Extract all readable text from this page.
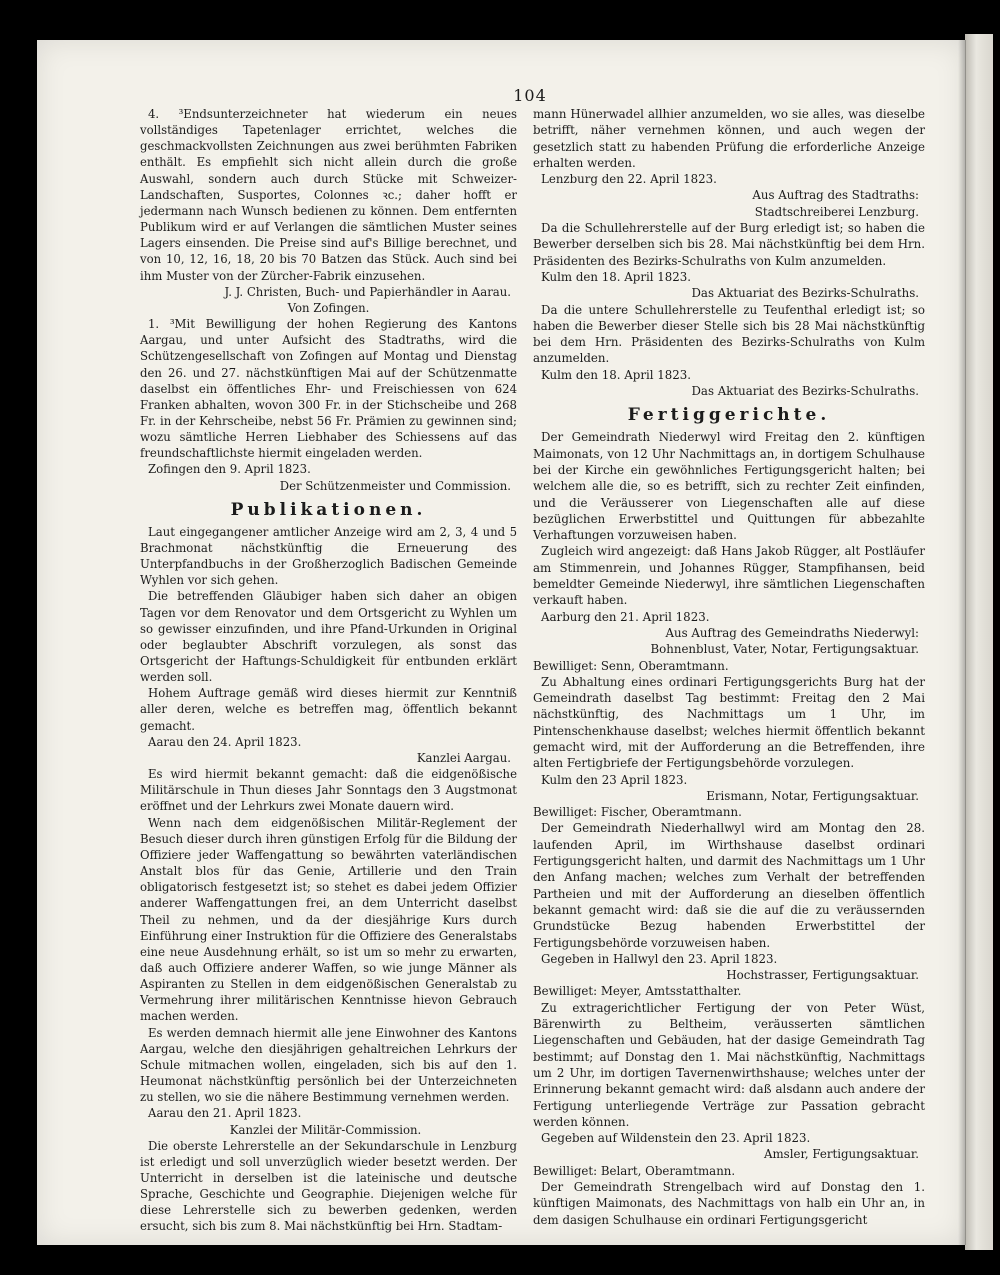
104

4. ³Endsunterzeichneter hat wiederum ein neues vollständiges Tapetenlager errichtet, welches die geschmackvollsten Zeichnungen aus zwei berühmten Fabriken enthält. Es empfiehlt sich nicht allein durch die große Auswahl, sondern auch durch Stücke mit Schweizer-Landschaften, Susportes, Colonnes ꝛc.; daher hofft er jedermann nach Wunsch bedienen zu können. Dem entfernten Publikum wird er auf Verlangen die sämtlichen Muster seines Lagers einsenden. Die Preise sind auf's Billige berechnet, und von 10, 12, 16, 18, 20 bis 70 Batzen das Stück. Auch sind bei ihm Muster von der Zürcher-Fabrik einzusehen.

J. J. Christen, Buch- und Papierhändler in Aarau.

Von Zofingen.

1. ³Mit Bewilligung der hohen Regierung des Kantons Aargau, und unter Aufsicht des Stadtraths, wird die Schützengesellschaft von Zofingen auf Montag und Dienstag den 26. und 27. nächstkünftigen Mai auf der Schützenmatte daselbst ein öffentliches Ehr- und Freischiessen von 624 Franken abhalten, wovon 300 Fr. in der Stichscheibe und 268 Fr. in der Kehrscheibe, nebst 56 Fr. Prämien zu gewinnen sind; wozu sämtliche Herren Liebhaber des Schiessens auf das freundschaftlichste hiermit eingeladen werden.

Zofingen den 9. April 1823.

Der Schützenmeister und Commission.

Publikationen.

Laut eingegangener amtlicher Anzeige wird am 2, 3, 4 und 5 Brachmonat nächstkünftig die Erneuerung des Unterpfandbuchs in der Großherzoglich Badischen Gemeinde Wyhlen vor sich gehen.

Die betreffenden Gläubiger haben sich daher an obigen Tagen vor dem Renovator und dem Ortsgericht zu Wyhlen um so gewisser einzufinden, und ihre Pfand-Urkunden in Original oder beglaubter Abschrift vorzulegen, als sonst das Ortsgericht der Haftungs-Schuldigkeit für entbunden erklärt werden soll.

Hohem Auftrage gemäß wird dieses hiermit zur Kenntniß aller deren, welche es betreffen mag, öffentlich bekannt gemacht.

Aarau den 24. April 1823.

Kanzlei Aargau.

Es wird hiermit bekannt gemacht: daß die eidgenößische Militärschule in Thun dieses Jahr Sonntags den 3 Augstmonat eröffnet und der Lehrkurs zwei Monate dauern wird.

Wenn nach dem eidgenößischen Militär-Reglement der Besuch dieser durch ihren günstigen Erfolg für die Bildung der Offiziere jeder Waffengattung so bewährten vaterländischen Anstalt blos für das Genie, Artillerie und den Train obligatorisch festgesetzt ist; so stehet es dabei jedem Offizier anderer Waffengattungen frei, an dem Unterricht daselbst Theil zu nehmen, und da der diesjährige Kurs durch Einführung einer Instruktion für die Offiziere des Generalstabs eine neue Ausdehnung erhält, so ist um so mehr zu erwarten, daß auch Offiziere anderer Waffen, so wie junge Männer als Aspiranten zu Stellen in dem eidgenößischen Generalstab zu Vermehrung ihrer militärischen Kenntnisse hievon Gebrauch machen werden.

Es werden demnach hiermit alle jene Einwohner des Kantons Aargau, welche den diesjährigen gehaltreichen Lehrkurs der Schule mitmachen wollen, eingeladen, sich bis auf den 1. Heumonat nächstkünftig persönlich bei der Unterzeichneten zu stellen, wo sie die nähere Bestimmung vernehmen werden.

Aarau den 21. April 1823.

Kanzlei der Militär-Commission.

Die oberste Lehrerstelle an der Sekundarschule in Lenzburg ist erledigt und soll unverzüglich wieder besetzt werden. Der Unterricht in derselben ist die lateinische und deutsche Sprache, Geschichte und Geographie. Diejenigen welche für diese Lehrerstelle sich zu bewerben gedenken, werden ersucht, sich bis zum 8. Mai nächstkünftig bei Hrn. Stadtam-

mann Hünerwadel allhier anzumelden, wo sie alles, was dieselbe betrifft, näher vernehmen können, und auch wegen der gesetzlich statt zu habenden Prüfung die erforderliche Anzeige erhalten werden.

Lenzburg den 22. April 1823.

Aus Auftrag des Stadtraths:

Stadtschreiberei Lenzburg.

Da die Schullehrerstelle auf der Burg erledigt ist; so haben die Bewerber derselben sich bis 28. Mai nächstkünftig bei dem Hrn. Präsidenten des Bezirks-Schulraths von Kulm anzumelden.

Kulm den 18. April 1823.

Das Aktuariat des Bezirks-Schulraths.

Da die untere Schullehrerstelle zu Teufenthal erledigt ist; so haben die Bewerber dieser Stelle sich bis 28 Mai nächstkünftig bei dem Hrn. Präsidenten des Bezirks-Schulraths von Kulm anzumelden.

Kulm den 18. April 1823.

Das Aktuariat des Bezirks-Schulraths.

Fertiggerichte.

Der Gemeindrath Niederwyl wird Freitag den 2. künftigen Maimonats, von 12 Uhr Nachmittags an, in dortigem Schulhause bei der Kirche ein gewöhnliches Fertigungsgericht halten; bei welchem alle die, so es betrifft, sich zu rechter Zeit einfinden, und die Veräusserer von Liegenschaften alle auf diese bezüglichen Erwerbstittel und Quittungen für abbezahlte Verhaftungen vorzuweisen haben.

Zugleich wird angezeigt: daß Hans Jakob Rügger, alt Postläufer am Stimmenrein, und Johannes Rügger, Stampfihansen, beid bemeldter Gemeinde Niederwyl, ihre sämtlichen Liegenschaften verkauft haben.

Aarburg den 21. April 1823.

Aus Auftrag des Gemeindraths Niederwyl:

Bohnenblust, Vater, Notar, Fertigungsaktuar.

Bewilliget: Senn, Oberamtmann.

Zu Abhaltung eines ordinari Fertigungsgerichts Burg hat der Gemeindrath daselbst Tag bestimmt: Freitag den 2 Mai nächstkünftig, des Nachmittags um 1 Uhr, im Pintenschenkhause daselbst; welches hiermit öffentlich bekannt gemacht wird, mit der Aufforderung an die Betreffenden, ihre alten Fertigbriefe der Fertigungsbehörde vorzulegen.

Kulm den 23 April 1823.

Erismann, Notar, Fertigungsaktuar.

Bewilliget: Fischer, Oberamtmann.

Der Gemeindrath Niederhallwyl wird am Montag den 28. laufenden April, im Wirthshause daselbst ordinari Fertigungsgericht halten, und darmit des Nachmittags um 1 Uhr den Anfang machen; welches zum Verhalt der betreffenden Partheien und mit der Aufforderung an dieselben öffentlich bekannt gemacht wird: daß sie die auf die zu veräussernden Grundstücke Bezug habenden Erwerbstittel der Fertigungsbehörde vorzuweisen haben.

Gegeben in Hallwyl den 23. April 1823.

Hochstrasser, Fertigungsaktuar.

Bewilliget: Meyer, Amtsstatthalter.

Zu extragerichtlicher Fertigung der von Peter Wüst, Bärenwirth zu Beltheim, veräusserten sämtlichen Liegenschaften und Gebäuden, hat der dasige Gemeindrath Tag bestimmt; auf Donstag den 1. Mai nächstkünftig, Nachmittags um 2 Uhr, im dortigen Tavernenwirthshause; welches unter der Erinnerung bekannt gemacht wird: daß alsdann auch andere der Fertigung unterliegende Verträge zur Passation gebracht werden können.

Gegeben auf Wildenstein den 23. April 1823.

Amsler, Fertigungsaktuar.

Bewilliget: Belart, Oberamtmann.

Der Gemeindrath Strengelbach wird auf Donstag den 1. künftigen Maimonats, des Nachmittags von halb ein Uhr an, in dem dasigen Schulhause ein ordinari Fertigungsgericht
